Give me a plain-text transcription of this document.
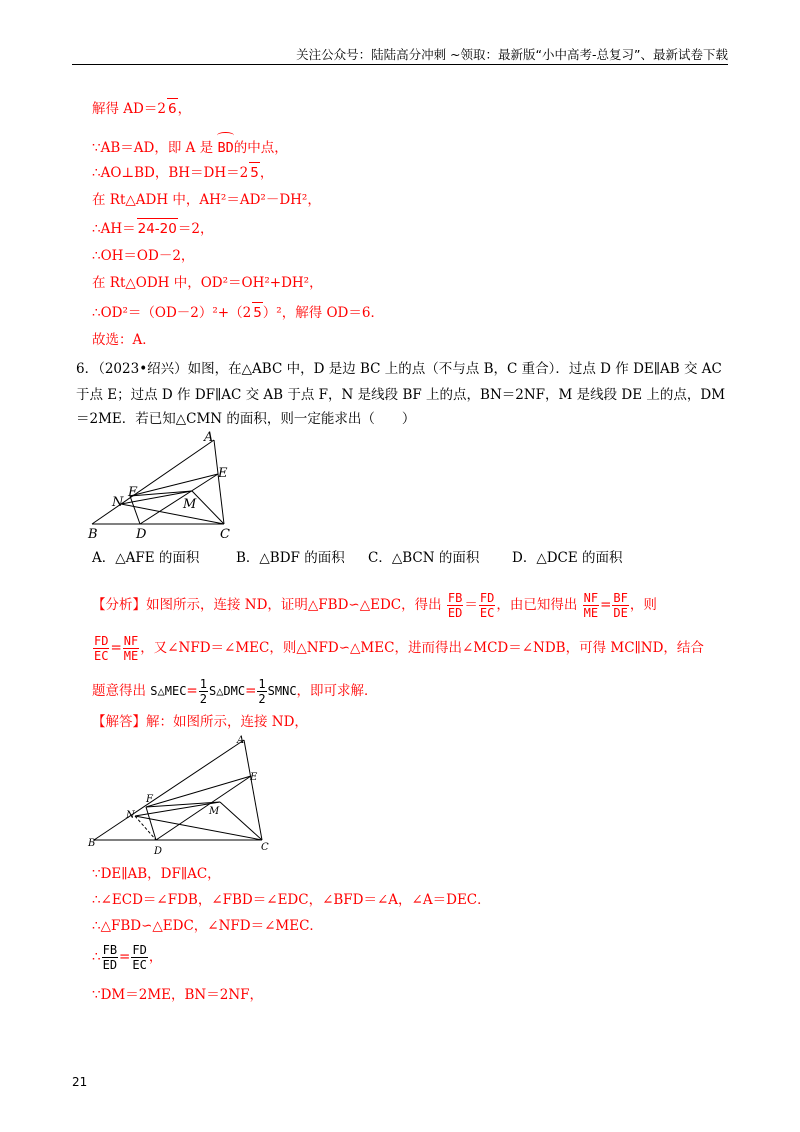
关注公众号：陆陆高分冲刺 ~领取：最新版“小中高考-总复习”、最新试卷下载
解得 AD＝2 6，
∵AB＝AD，即 A 是
BD的中点，
∴AO⊥BD，BH＝DH＝2 5，
在 Rt△ADH 中，AH²＝AD²－DH²，
∴AH＝ 24-20＝2，
∴OH＝OD－2，
在 Rt△ODH 中，OD²＝OH²+DH²，
∴OD²＝（OD－2）²+（2 5）²，解得 OD＝6．
故选：A．
6．（2023•绍兴）如图，在△ABC 中，D 是边 BC 上的点（不与点 B，C 重合）．过点 D 作 DE∥AB 交 AC
于点 E；过点 D 作 DF∥AC 交 AB 于点 F，N 是线段 BF 上的点，BN＝2NF，M 是线段 DE 上的点，DM
＝2ME．若已知△CMN 的面积，则一定能求出（　　）
A
E
N
F
M
B	D	C
A．△AFE 的面积	B．△BDF 的面积 C．△BCN 的面积 D．△DCE 的面积
【分析】如图所示，连接 ND，证明△FBD∽△EDC，得出 $\frac{FB}{ED} = \frac{FD}{EC}$ ，由已知得出 $\frac{NF}{ME} = \frac{BF}{DE}$ ，则
$\frac{FD}{EC} = \frac{NF}{ME}$ ，又∠NFD＝∠MEC，则△NFD∽△MEC，进而得出∠MCD＝∠NDB，可得 MC∥ND，结合
题意得出 S△MEC= $\frac{1}{2}$ S△DMC= $\frac{1}{2}$ SMNC，即可求解．
【解答】解：如图所示，连接 ND，
A
E
N
F
M
B
D	C
∵DE∥AB，DF∥AC，
∴∠ECD＝∠FDB，∠FBD＝∠EDC，∠BFD＝∠A，∠A＝DEC．
∴△FBD∽△EDC，∠NFD＝∠MEC．
∴ $\frac{FB}{ED} = \frac{FD}{EC}$ ，
∵DM＝2ME，BN＝2NF，
21
